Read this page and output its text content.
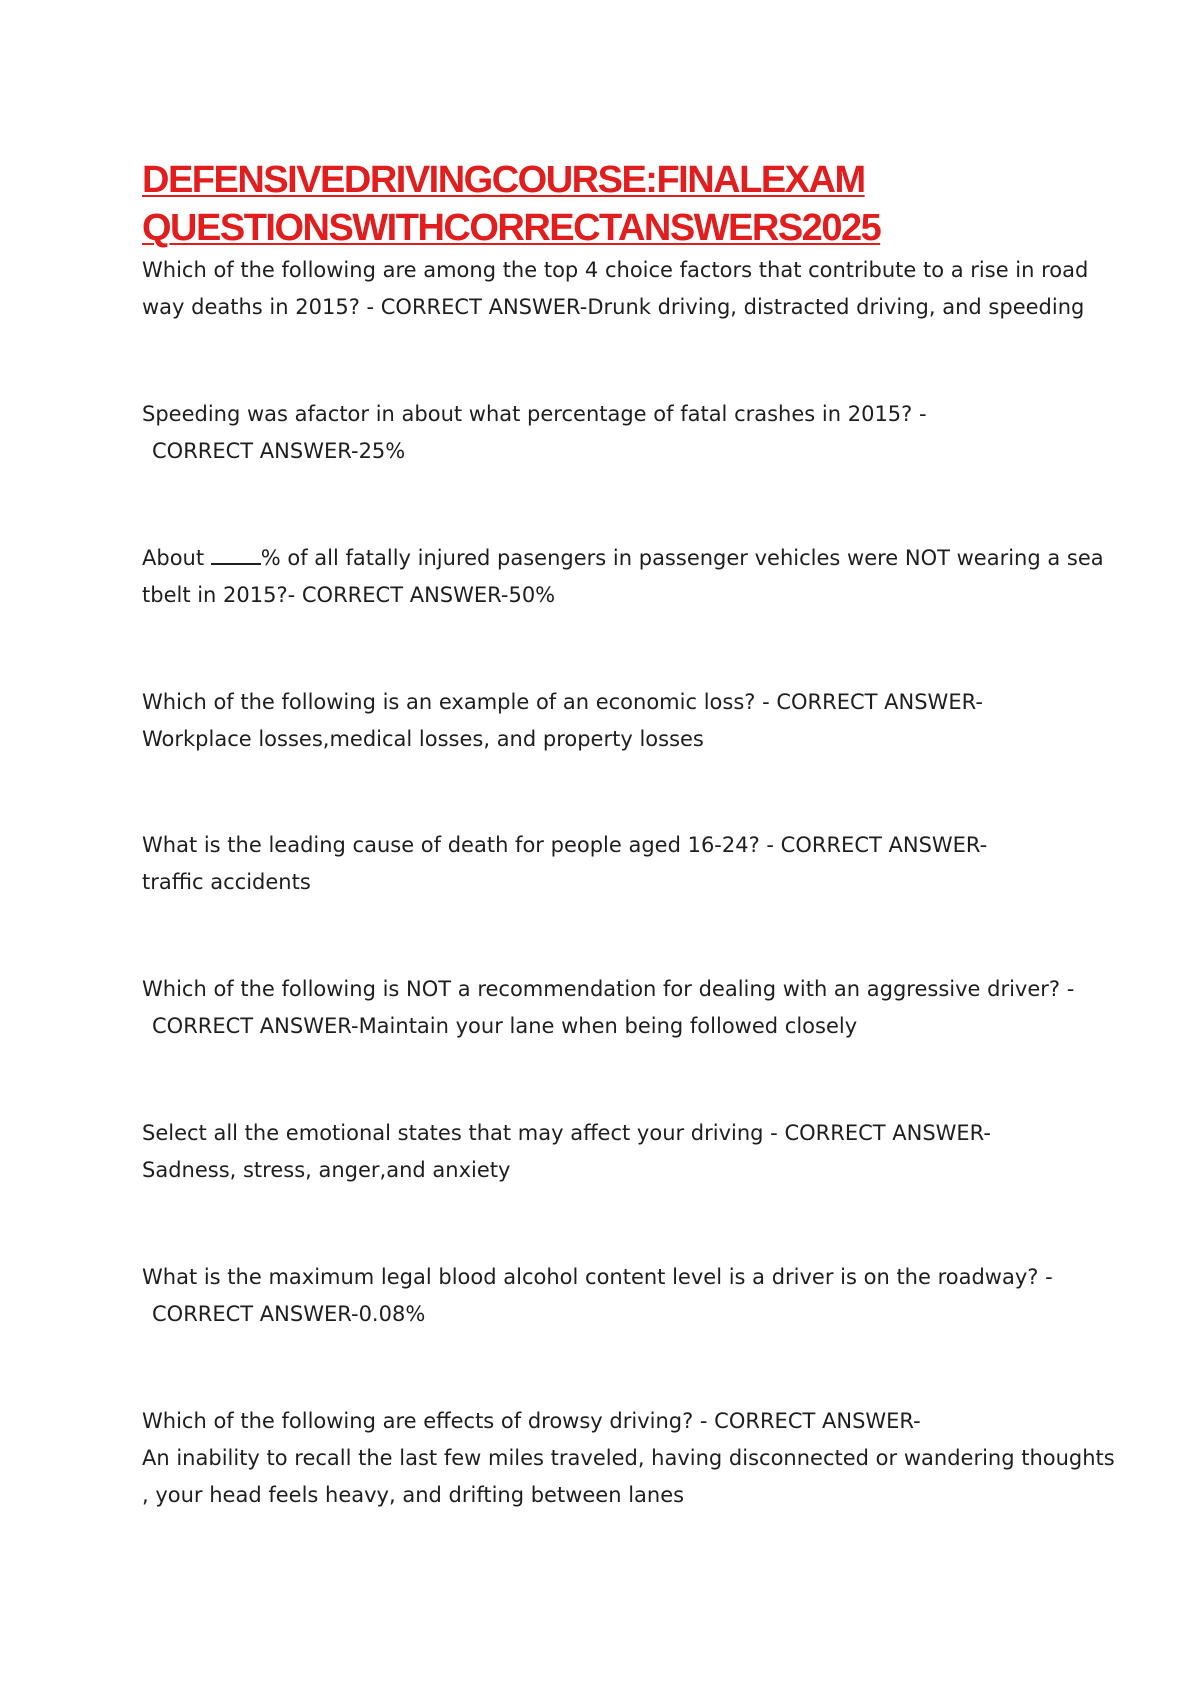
DEFENSIVEDRIVINGCOURSE:FINALEXAM
QUESTIONSWITHCORRECTANSWERS2025

Which of the following are among the top 4 choice factors that contribute to a rise in road

way deaths in 2015? - CORRECT ANSWER-Drunk driving, distracted driving, and speeding

Speeding was afactor in about what percentage of fatal crashes in 2015? -

CORRECT ANSWER-25%

About % of all fatally injured pasengers in passenger vehicles were NOT wearing a sea

tbelt in 2015?- CORRECT ANSWER-50%

Which of the following is an example of an economic loss? - CORRECT ANSWER-

Workplace losses,medical losses, and property losses

What is the leading cause of death for people aged 16-24? - CORRECT ANSWER-

traffic accidents

Which of the following is NOT a recommendation for dealing with an aggressive driver? -

CORRECT ANSWER-Maintain your lane when being followed closely

Select all the emotional states that may affect your driving - CORRECT ANSWER-

Sadness, stress, anger,and anxiety

What is the maximum legal blood alcohol content level is a driver is on the roadway? -

CORRECT ANSWER-0.08%

Which of the following are effects of drowsy driving? - CORRECT ANSWER-

An inability to recall the last few miles traveled, having disconnected or wandering thoughts

, your head feels heavy, and drifting between lanes
